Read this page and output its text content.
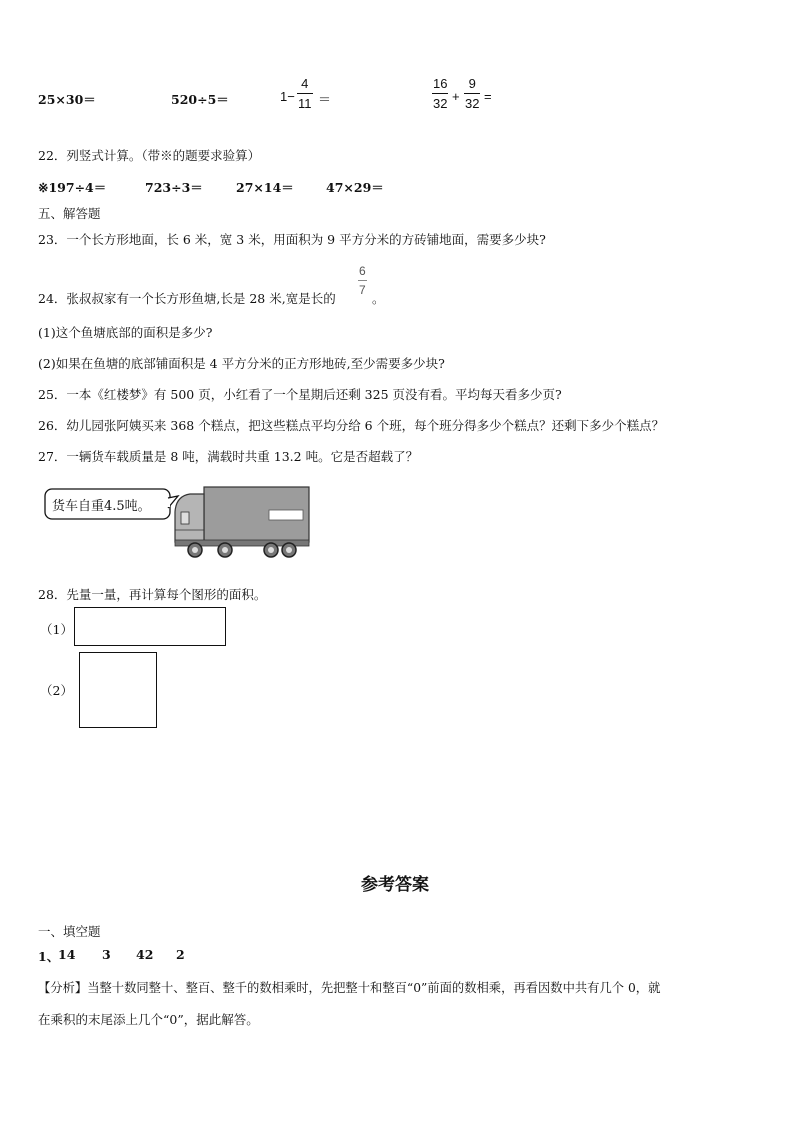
25×30＝	520÷5＝	$1- \frac{4}{11}$ ＝	$\frac{16}{32} + \frac{9}{32}$ =
22．列竖式计算。（带※的题要求验算）
※197÷4＝	723÷3＝	27×14＝	47×29＝
五、解答题
23．一个长方形地面，长 6 米，宽 3 米，用面积为 9 平方分米的方砖铺地面，需要多少块?
24．张叔叔家有一个长方形鱼塘,长是 28 米,宽是长的
$\frac{6}{7}$
。
(1)这个鱼塘底部的面积是多少?
(2)如果在鱼塘的底部铺面积是 4 平方分米的正方形地砖,至少需要多少块?
25．一本《红楼梦》有 500 页，小红看了一个星期后还剩 325 页没有看。平均每天看多少页?
26．幼儿园张阿姨买来 368 个糕点，把这些糕点平均分给 6 个班，每个班分得多少个糕点？还剩下多少个糕点？
27．一辆货车载质量是 8 吨，满载时共重 13.2 吨。它是否超载了？
货车自重4.5吨。
28．先量一量，再计算每个图形的面积。
（1）
（2）
参考答案
一、填空题
1、
14 3 42 2
【分析】当整十数同整十、整百、整千的数相乘时，先把整十和整百“0”前面的数相乘，再看因数中共有几个 0，就
在乘积的末尾添上几个“0”，据此解答。
